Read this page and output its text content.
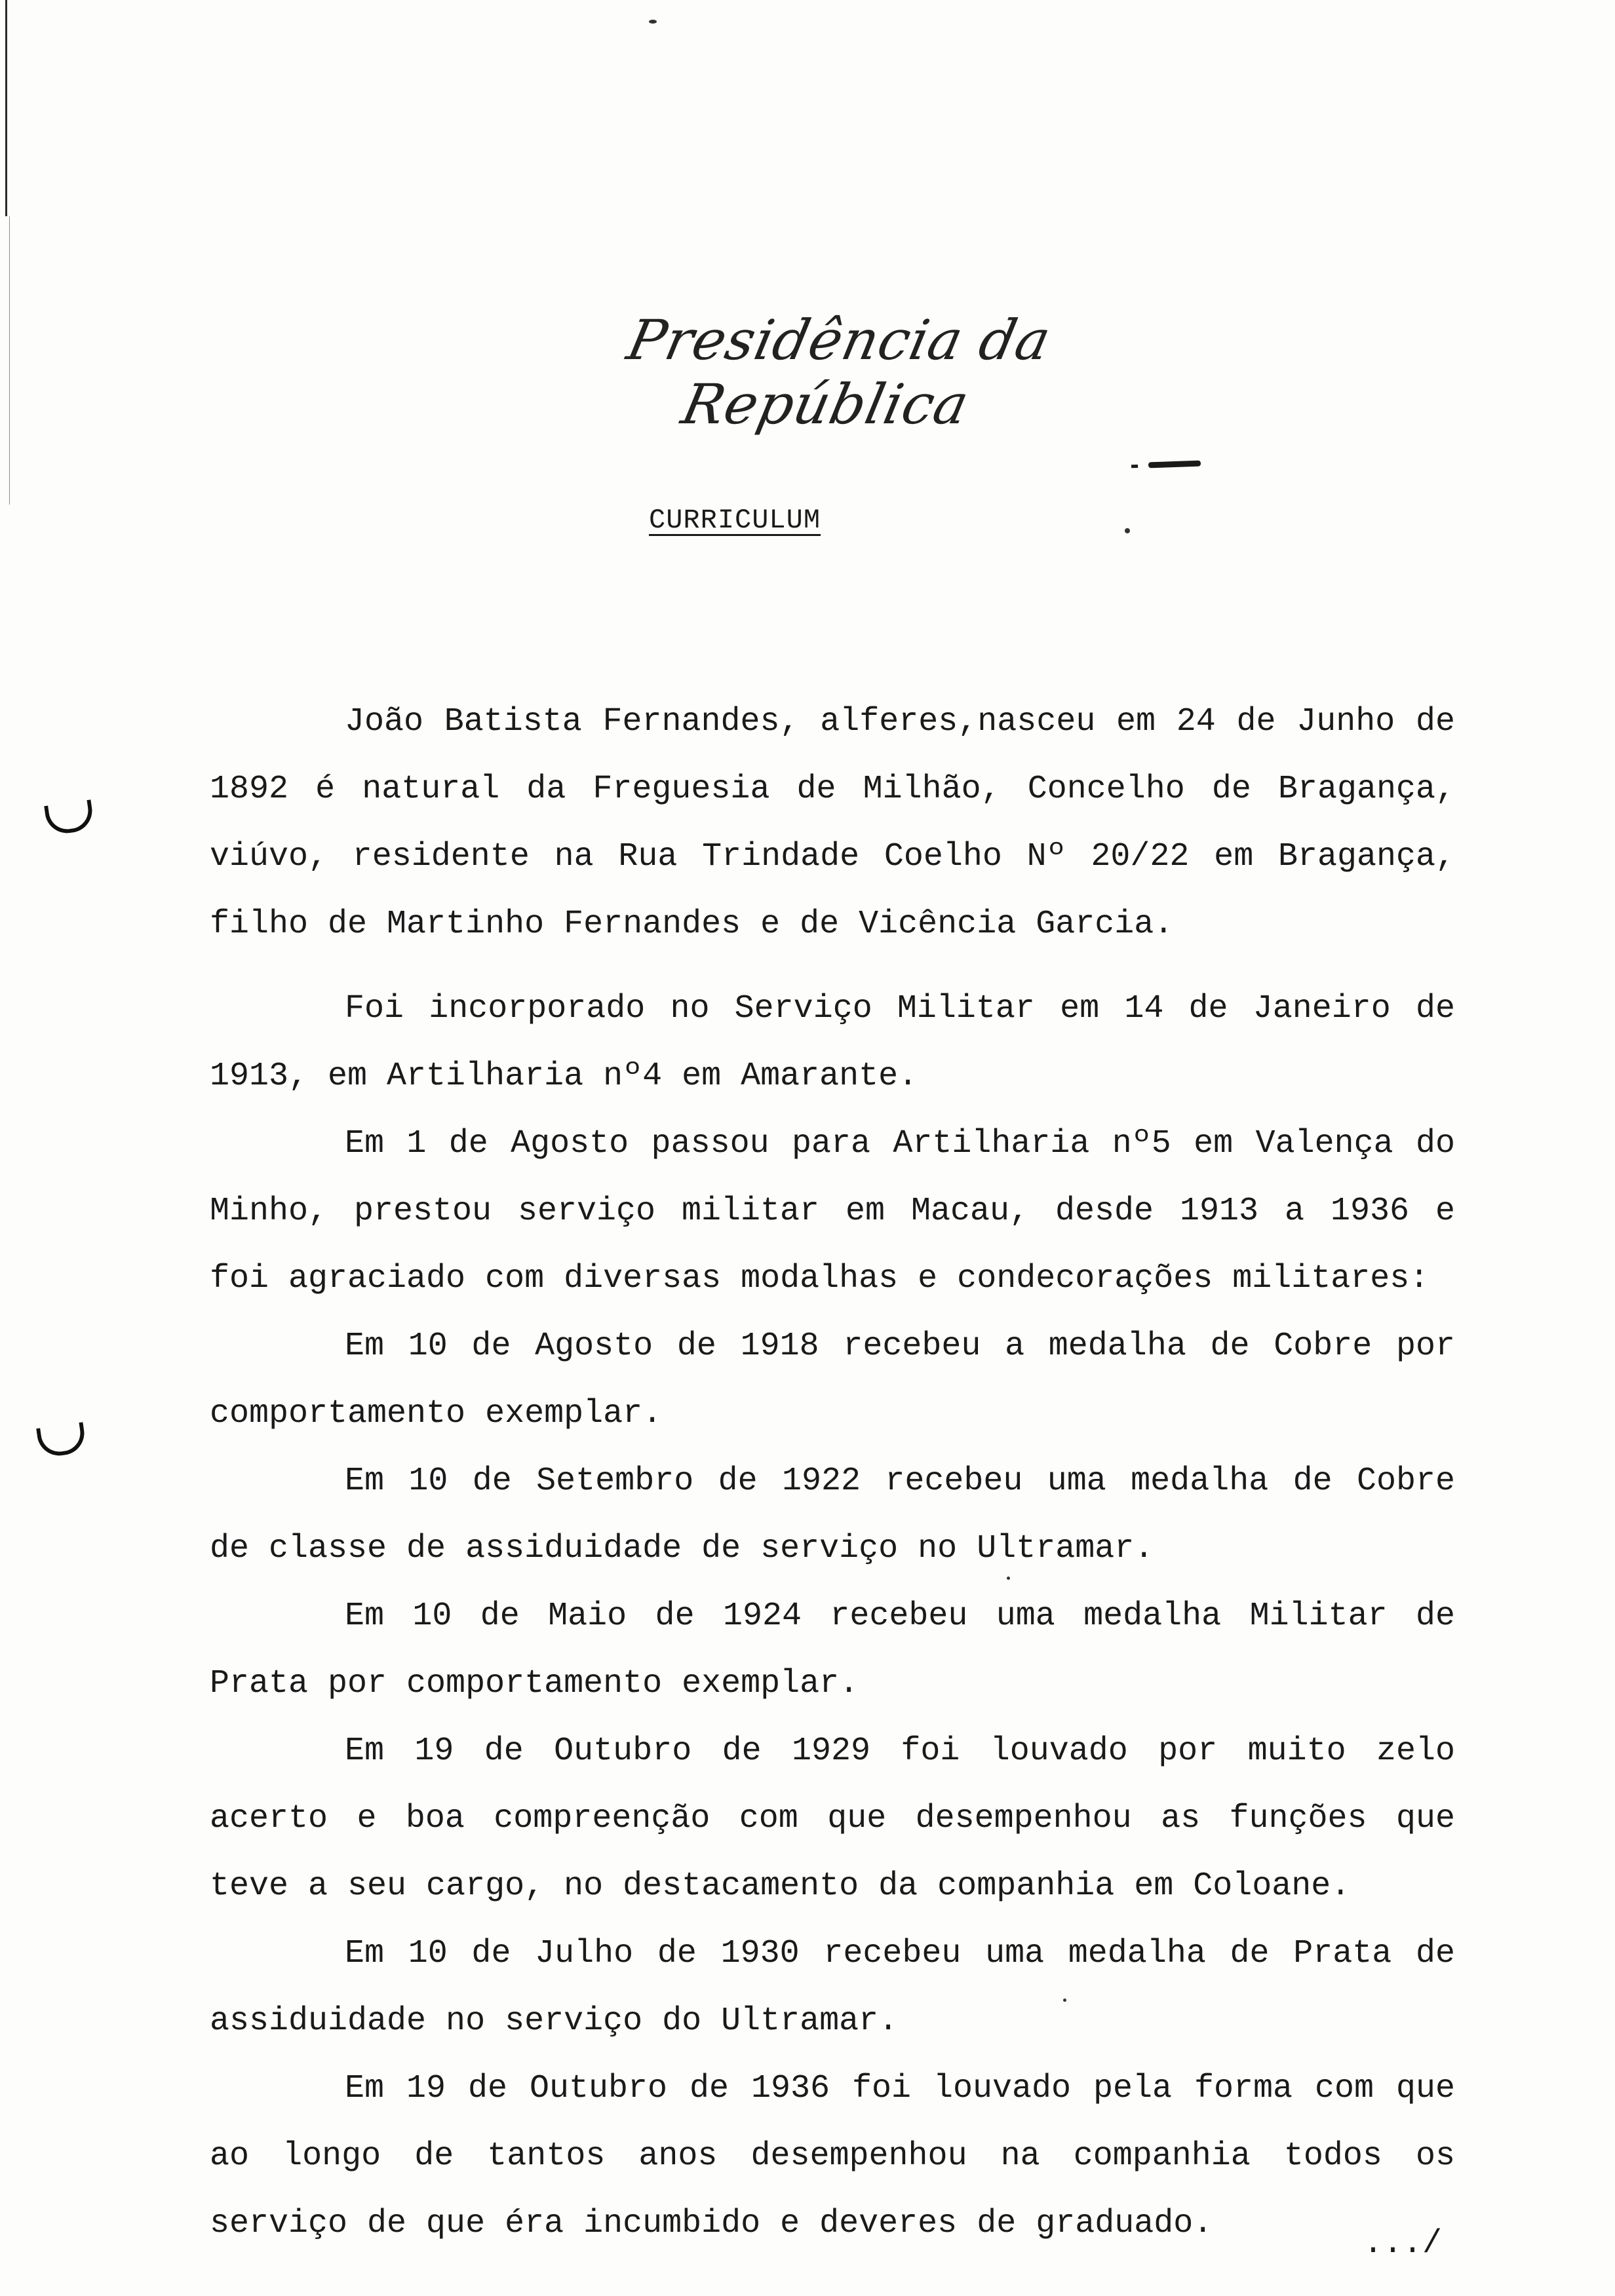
Presidência da República
CURRICULUM

João Batista Fernandes, alferes,nasceu em 24 de Junho de 1892 é natural da Freguesia de Milhão, Concelho de Bragança, viúvo, residente na Rua Trindade Coelho Nº 20/22 em Bragança, filho de Martinho Fernandes e de Vicência Garcia.

Foi incorporado no Serviço Militar em 14 de Janeiro de 1913, em Artilharia nº4 em Amarante.

Em 1 de Agosto passou para Artilharia nº5 em Valença do Minho, prestou serviço militar em Macau, desde 1913 a 1936 e foi agraciado com diversas modalhas e condecorações militares:

Em 10 de Agosto de 1918 recebeu a medalha de Cobre por comportamento exemplar.

Em 10 de Setembro de 1922 recebeu uma medalha de Cobre de classe de assiduidade de serviço no Ultramar.

Em 10 de Maio de 1924 recebeu uma medalha Militar de Prata por comportamento exemplar.

Em 19 de Outubro de 1929 foi louvado por muito zelo acerto e boa compreenção com que desempenhou as funções que teve a seu cargo, no destacamento da companhia em Coloane.

Em 10 de Julho de 1930 recebeu uma medalha de Prata de assiduidade no serviço do Ultramar.

Em 19 de Outubro de 1936 foi louvado pela forma com que ao longo de tantos anos desempenhou na companhia todos os serviço de que éra incumbido e deveres de graduado.

.../
